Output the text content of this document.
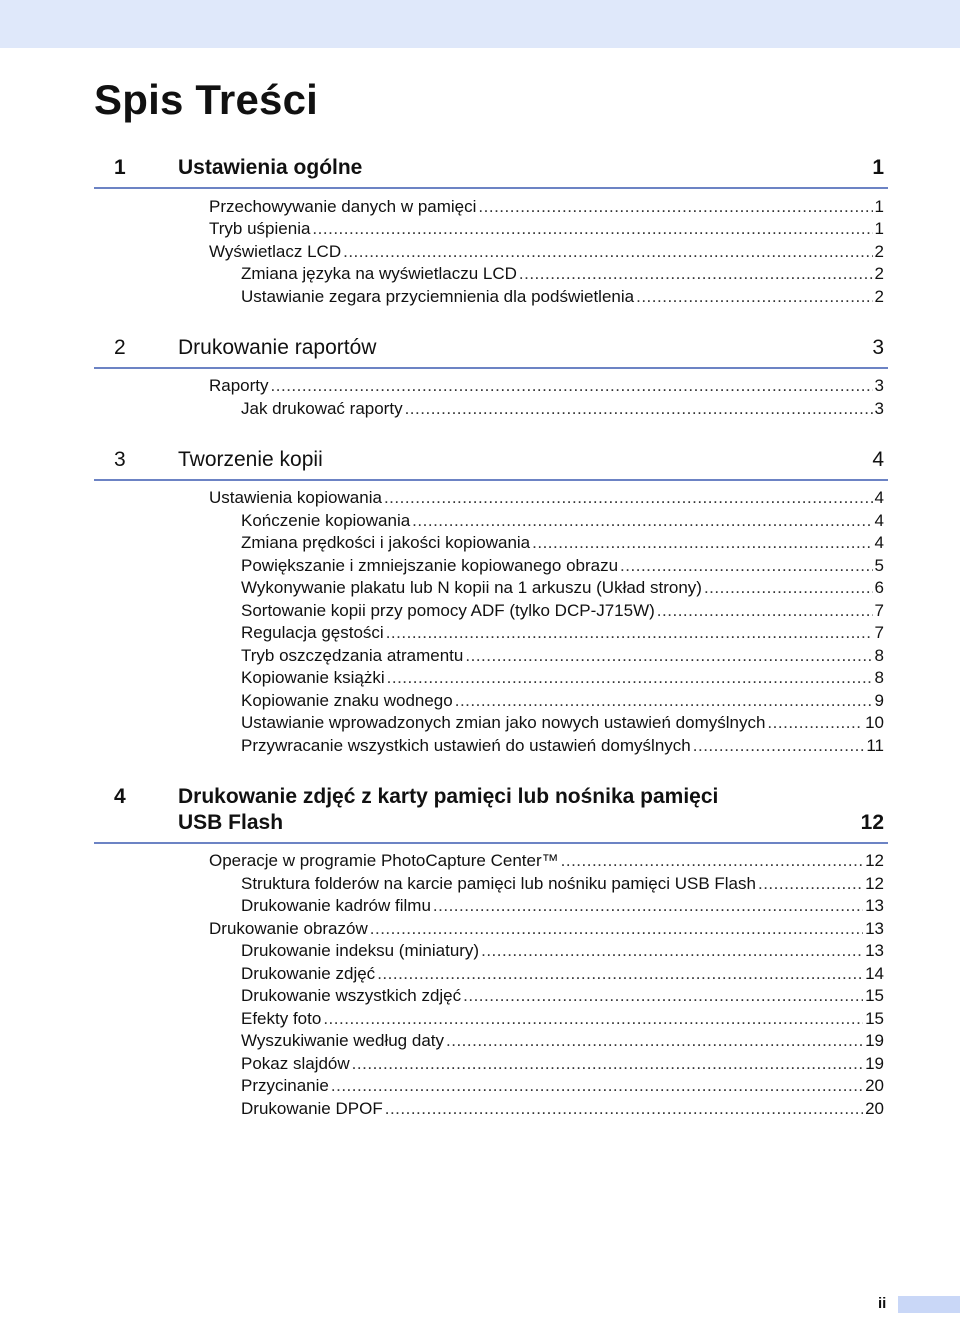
Spis Treści
1 Ustawienia ogólne	1
Przechowywanie danych w pamięci .....	1
Tryb uśpienia .....	1
Wyświetlacz LCD .....	2
Zmiana języka na wyświetlaczu LCD .....	2
Ustawianie zegara przyciemnienia dla podświetlenia .....	2
2 Drukowanie raportów	3
Raporty .....	3
Jak drukować raporty .....	3
3 Tworzenie kopii	4
Ustawienia kopiowania .....	4
Kończenie kopiowania .....	4
Zmiana prędkości i jakości kopiowania .....	4
Powiększanie i zmniejszanie kopiowanego obrazu .....	5
Wykonywanie plakatu lub N kopii na 1 arkuszu (Układ strony) .....	6
Sortowanie kopii przy pomocy ADF (tylko DCP-J715W) .....	7
Regulacja gęstości .....	7
Tryb oszczędzania atramentu .....	8
Kopiowanie książki .....	8
Kopiowanie znaku wodnego .....	9
Ustawianie wprowadzonych zmian jako nowych ustawień domyślnych .....	10
Przywracanie wszystkich ustawień do ustawień domyślnych .....	11
4 Drukowanie zdjęć z karty pamięci lub nośnika pamięci
USB Flash	12
Operacje w programie PhotoCapture Center™ .....	12
Struktura folderów na karcie pamięci lub nośniku pamięci USB Flash .....	12
Drukowanie kadrów filmu .....	13
Drukowanie obrazów .....	13
Drukowanie indeksu (miniatury) .....	13
Drukowanie zdjęć .....	14
Drukowanie wszystkich zdjęć .....	15
Efekty foto .....	15
Wyszukiwanie według daty .....	19
Pokaz slajdów .....	19
Przycinanie .....	20
Drukowanie DPOF .....	20
ii
